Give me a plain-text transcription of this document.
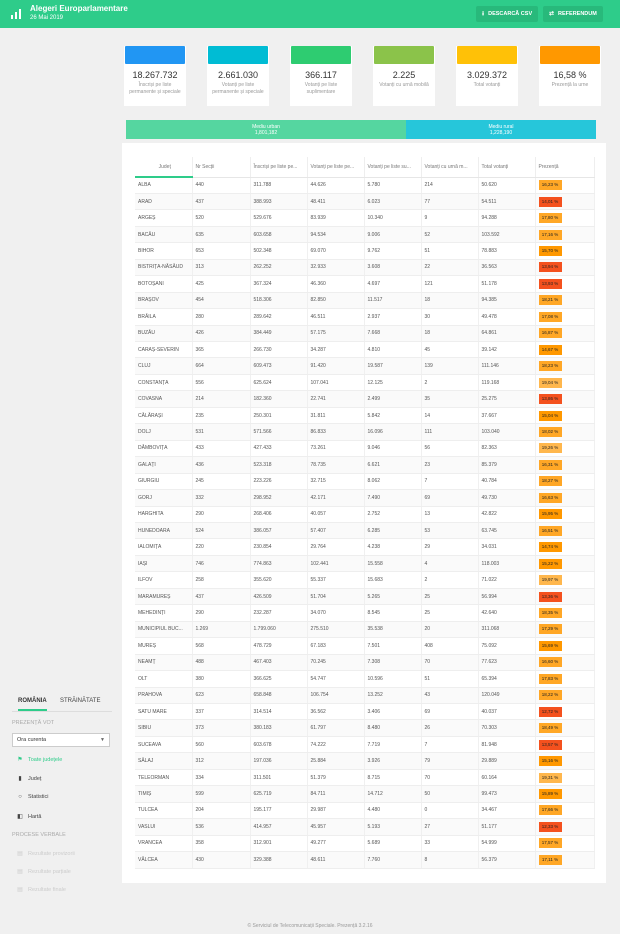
Alegeri Europarlamentare
26 Mai 2019
⭳ DESCARCĂ CSV	⇄ REFERENDUM
18.267.732
Înscriși pe liste permanente și speciale
2.661.030
Votanți pe liste permanente și speciale
366.117
Votanți pe liste suplimentare
2.225
Votanți cu urnă mobilă
3.029.372
Total votanți
16,58 %
Prezență la urne
Mediu urban
1,801,182
Mediu rural
1,228,190
Județ	Nr Secții	Înscriși pe liste pe...	Votanți pe liste pe...	Votanți pe liste su...	Votanți cu urnă m...	Total votanți	Prezență
ALBA	440	311.788	44.626	5.780	214	50.620	16,23 %
ARAD	437	388.993	48.411	6.023	77	54.511	14,01 %
ARGEȘ	520	529.676	83.939	10.340	9	94.288	17,80 %
BACĂU	635	603.658	94.534	9.006	52	103.592	17,16 %
BIHOR	653	502.348	69.070	9.762	51	78.883	15,70 %
BISTRIȚA-NĂSĂUD	313	262.252	32.933	3.608	22	36.563	13,94 %
BOTOȘANI	425	367.324	46.360	4.697	121	51.178	13,93 %
BRAȘOV	454	518.306	82.850	11.517	18	94.385	18,21 %
BRĂILA	280	289.642	46.511	2.937	30	49.478	17,08 %
BUZĂU	426	384.449	57.175	7.668	18	64.861	16,87 %
CARAȘ-SEVERIN	365	266.730	34.287	4.810	45	39.142	14,67 %
CLUJ	664	609.473	91.420	19.587	139	111.146	18,23 %
CONSTANȚA	556	625.624	107.041	12.125	2	119.168	19,04 %
COVASNA	214	182.360	22.741	2.499	35	25.275	13,86 %
CĂLĂRAȘI	235	250.301	31.811	5.842	14	37.667	15,04 %
DOLJ	531	571.566	86.833	16.096	111	103.040	18,02 %
DÂMBOVIȚA	433	427.433	73.261	9.046	56	82.363	19,26 %
GALAȚI	436	523.318	78.735	6.621	23	85.379	16,31 %
GIURGIU	245	223.226	32.715	8.062	7	40.784	18,27 %
GORJ	332	298.952	42.171	7.490	69	49.730	16,63 %
HARGHITA	290	268.406	40.057	2.752	13	42.822	15,95 %
HUNEDOARA	524	386.057	57.407	6.285	53	63.745	16,51 %
IALOMIȚA	220	230.854	29.764	4.238	29	34.031	14,74 %
IAȘI	746	774.863	102.441	15.558	4	118.003	15,22 %
ILFOV	258	355.620	55.337	15.683	2	71.022	19,97 %
MARAMUREȘ	437	426.509	51.704	5.265	25	56.994	13,36 %
MEHEDINȚI	290	232.287	34.070	8.545	25	42.640	18,35 %
MUNICIPIUL BUC...	1.269	1.799.060	275.510	35.538	20	311.068	17,29 %
MUREȘ	568	478.729	67.183	7.501	408	75.092	15,69 %
NEAMȚ	488	467.403	70.245	7.308	70	77.623	16,60 %
OLT	380	366.625	54.747	10.596	51	65.394	17,83 %
PRAHOVA	623	658.848	106.754	13.252	43	120.049	18,22 %
SATU MARE	337	314.514	36.562	3.406	69	40.037	12,72 %
SIBIU	373	380.183	61.797	8.480	26	70.303	18,49 %
SUCEAVA	560	603.678	74.222	7.719	7	81.948	13,57 %
SĂLAJ	312	197.036	25.884	3.926	79	29.889	15,16 %
TELEORMAN	334	311.501	51.379	8.715	70	60.164	19,31 %
TIMIȘ	599	625.719	84.711	14.712	50	99.473	15,89 %
TULCEA	204	195.177	29.987	4.480	0	34.467	17,66 %
VASLUI	536	414.957	45.957	5.193	27	51.177	12,33 %
VRANCEA	358	312.901	49.277	5.689	33	54.999	17,57 %
VÂLCEA	430	329.388	48.611	7.760	8	56.379	17,11 %
ROMÂNIA STRĂINĂTATE
PREZENȚĂ VOT
Ora curenta	▼
⚑ Toate județele
▮ Județ
○ Statistici
◧ Hartă
PROCESE VERBALE
▤ Rezultate provizorii
▤ Rezultate parțiale
▤ Rezultate finale
© Serviciul de Telecomunicații Speciale. Prezență 3.2.16
